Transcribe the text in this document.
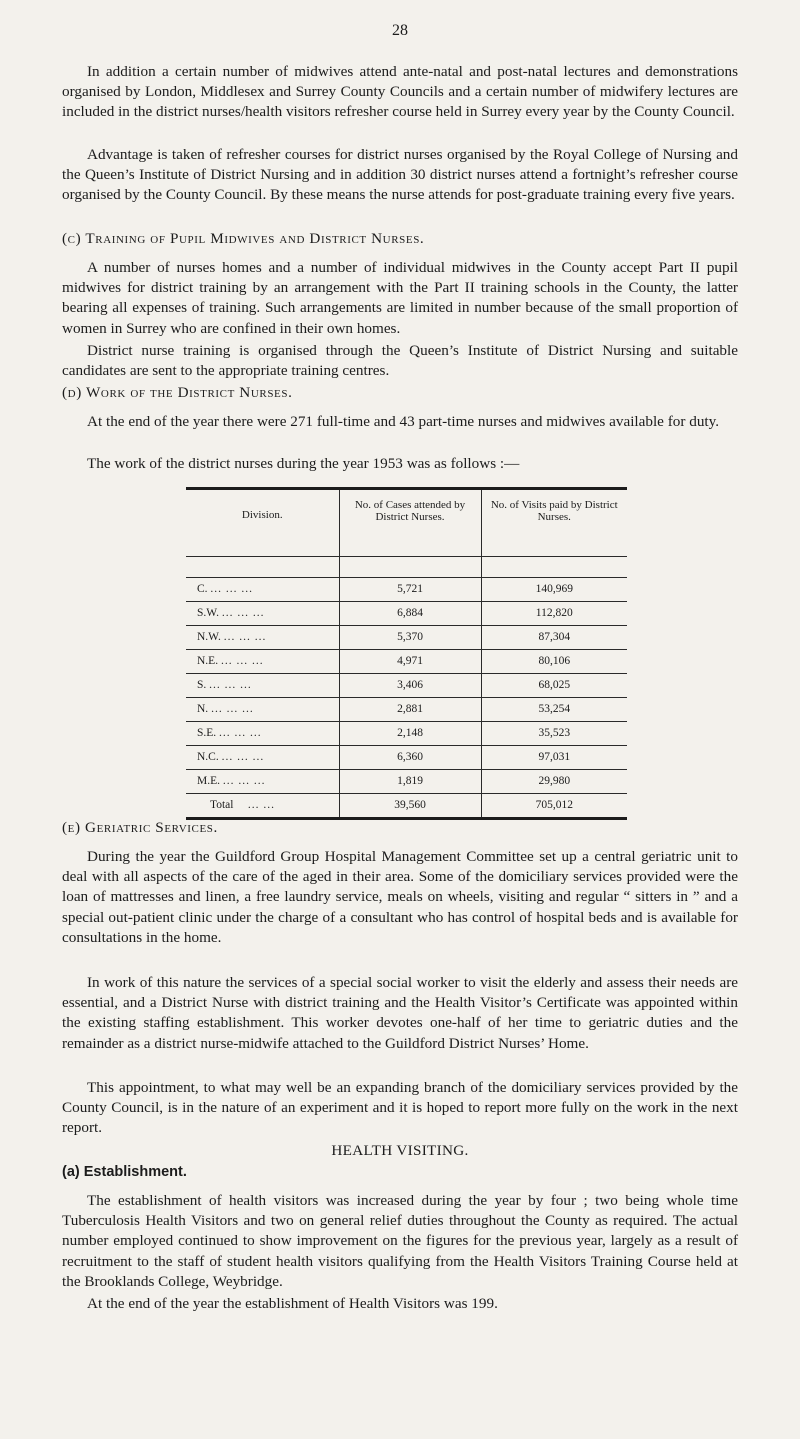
28

In addition a certain number of midwives attend ante-natal and post-natal lectures and demonstrations organised by London, Middlesex and Surrey County Councils and a certain number of midwifery lectures are included in the district nurses/health visitors refresher course held in Surrey every year by the County Council.

Advantage is taken of refresher courses for district nurses organised by the Royal College of Nursing and the Queen’s Institute of District Nursing and in addition 30 district nurses attend a fortnight’s refresher course organised by the County Council. By these means the nurse attends for post-graduate training every five years.

(c) Training of Pupil Midwives and District Nurses.

A number of nurses homes and a number of individual midwives in the County accept Part II pupil midwives for district training by an arrangement with the Part II training schools in the County, the latter bearing all expenses of training. Such arrangements are limited in number because of the small proportion of women in Surrey who are confined in their own homes.

District nurse training is organised through the Queen’s Institute of District Nursing and suitable candidates are sent to the appropriate training centres.

(d) Work of the District Nurses.

At the end of the year there were 271 full-time and 43 part-time nurses and midwives available for duty.

The work of the district nurses during the year 1953 was as follows :—

Division.	No. of Cases attended by District Nurses.	No. of Visits paid by District Nurses.

C. ... ... ...	5,721	140,969
S.W. ... ... ...	6,884	112,820
N.W. ... ... ...	5,370	87,304
N.E. ... ... ...	4,971	80,106
S. ... ... ...	3,406	68,025
N. ... ... ...	2,881	53,254
S.E. ... ... ...	2,148	35,523
N.C. ... ... ...	6,360	97,031
M.E. ... ... ...	1,819	29,980
Total ... ...	39,560	705,012

(e) Geriatric Services.

During the year the Guildford Group Hospital Management Committee set up a central geriatric unit to deal with all aspects of the care of the aged in their area. Some of the domiciliary services provided were the loan of mattresses and linen, a free laundry service, meals on wheels, visiting and regular “ sitters in ” and a special out-patient clinic under the charge of a consultant who has control of hospital beds and is available for consultations in the home.

In work of this nature the services of a special social worker to visit the elderly and assess their needs are essential, and a District Nurse with district training and the Health Visitor’s Certificate was appointed within the existing staffing establishment. This worker devotes one-half of her time to geriatric duties and the remainder as a district nurse-midwife attached to the Guildford District Nurses’ Home.

This appointment, to what may well be an expanding branch of the domiciliary services provided by the County Council, is in the nature of an experiment and it is hoped to report more fully on the work in the next report.

HEALTH VISITING.

(a) Establishment.

The establishment of health visitors was increased during the year by four ; two being whole time Tuberculosis Health Visitors and two on general relief duties throughout the County as required. The actual number employed continued to show improvement on the figures for the previous year, largely as a result of recruitment to the staff of student health visitors qualifying from the Health Visitors Training Course held at the Brooklands College, Weybridge.

At the end of the year the establishment of Health Visitors was 199.
